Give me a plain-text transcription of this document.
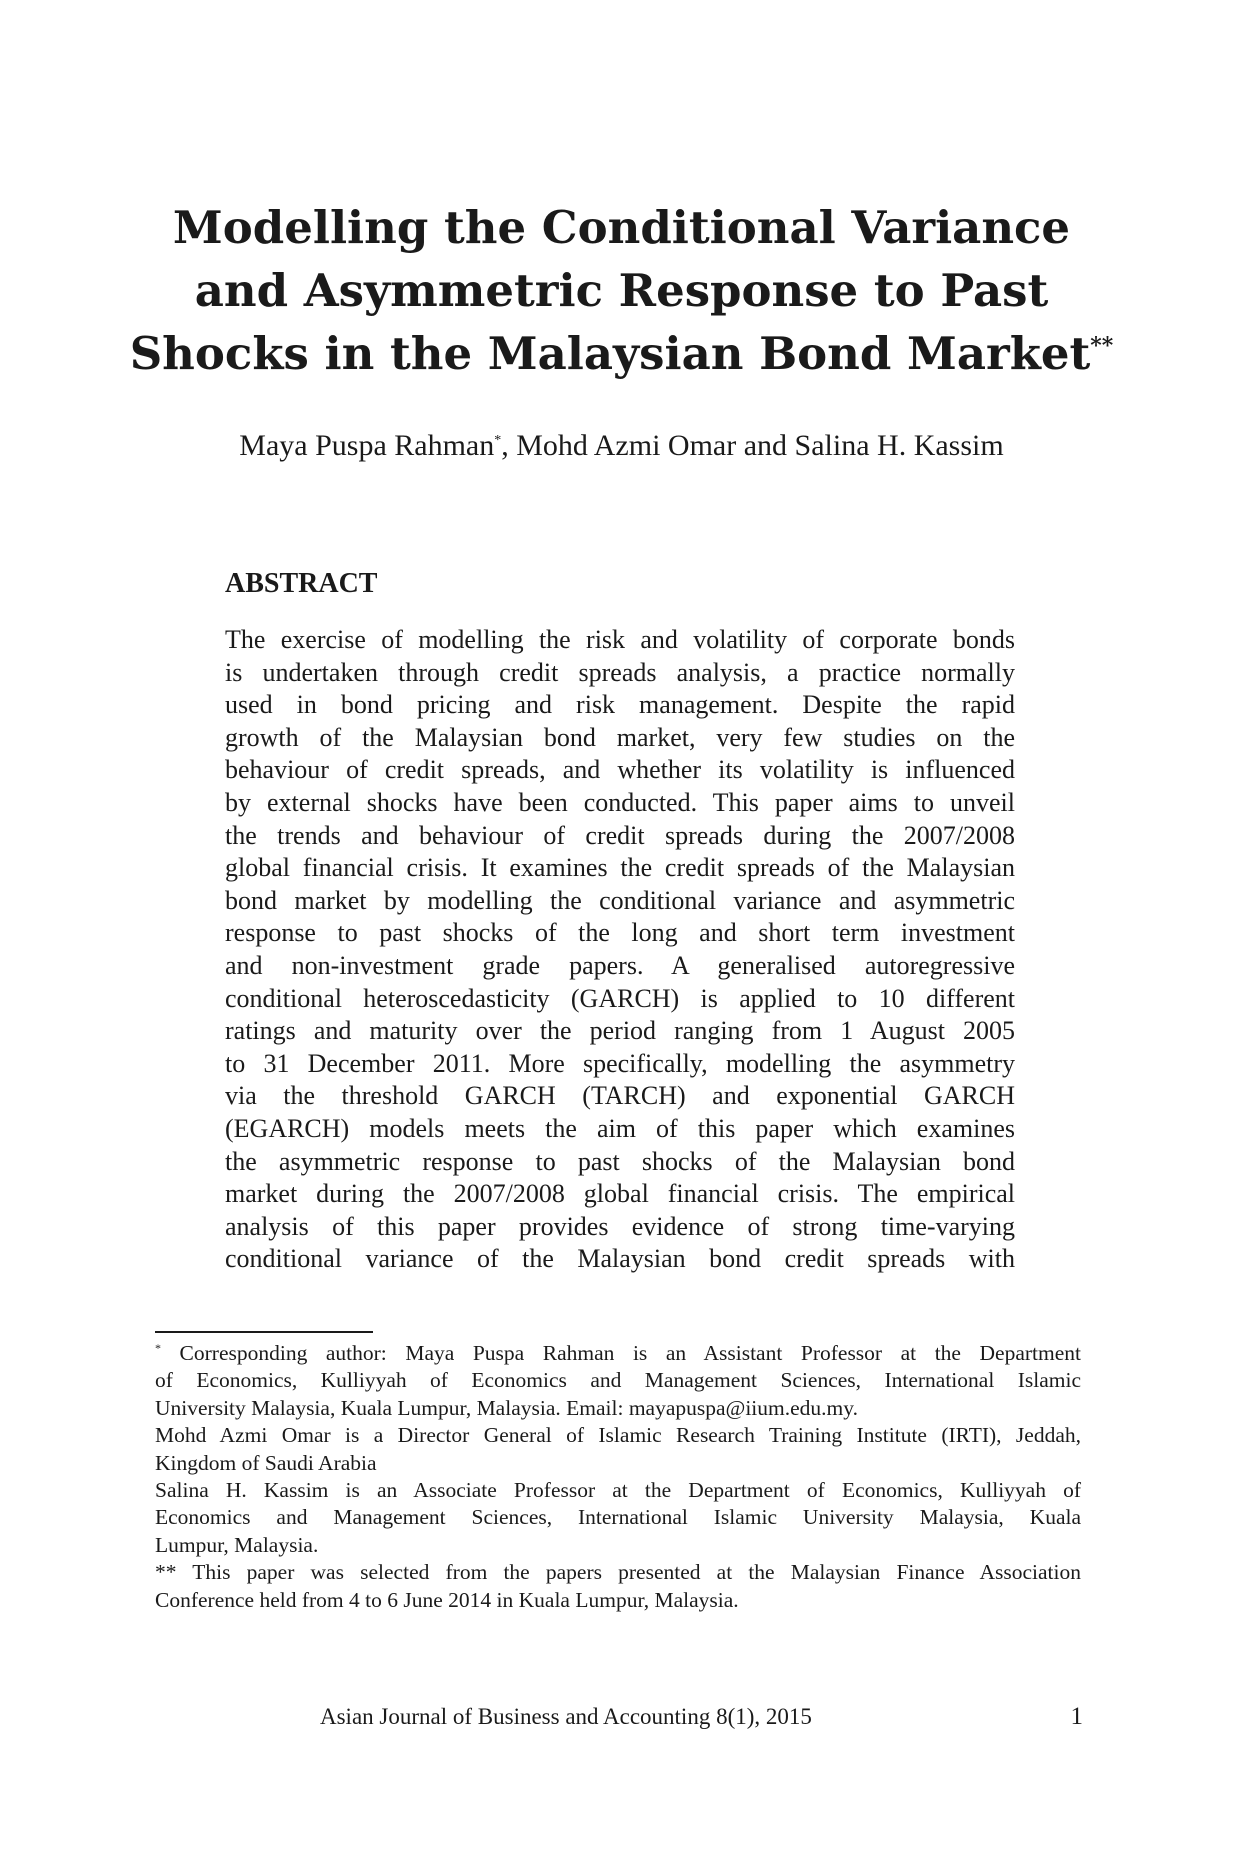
Modelling the Conditional Variance
and Asymmetric Response to Past
Shocks in the Malaysian Bond Market**
Maya Puspa Rahman*, Mohd Azmi Omar and Salina H. Kassim
ABSTRACT
The exercise of modelling the risk and volatility of corporate bonds
is undertaken through credit spreads analysis, a practice normally
used in bond pricing and risk management. Despite the rapid
growth of the Malaysian bond market, very few studies on the
behaviour of credit spreads, and whether its volatility is influenced
by external shocks have been conducted. This paper aims to unveil
the trends and behaviour of credit spreads during the 2007/2008
global financial crisis. It examines the credit spreads of the Malaysian
bond market by modelling the conditional variance and asymmetric
response to past shocks of the long and short term investment
and non-investment grade papers. A generalised autoregressive
conditional heteroscedasticity (GARCH) is applied to 10 different
ratings and maturity over the period ranging from 1 August 2005
to 31 December 2011. More specifically, modelling the asymmetry
via the threshold GARCH (TARCH) and exponential GARCH
(EGARCH) models meets the aim of this paper which examines
the asymmetric response to past shocks of the Malaysian bond
market during the 2007/2008 global financial crisis. The empirical
analysis of this paper provides evidence of strong time-varying
conditional variance of the Malaysian bond credit spreads with
* Corresponding author: Maya Puspa Rahman is an Assistant Professor at the Department
of Economics, Kulliyyah of Economics and Management Sciences, International Islamic
University Malaysia, Kuala Lumpur, Malaysia. Email: mayapuspa@iium.edu.my.
Mohd Azmi Omar is a Director General of Islamic Research Training Institute (IRTI), Jeddah,
Kingdom of Saudi Arabia
Salina H. Kassim is an Associate Professor at the Department of Economics, Kulliyyah of
Economics and Management Sciences, International Islamic University Malaysia, Kuala
Lumpur, Malaysia.
** This paper was selected from the papers presented at the Malaysian Finance Association
Conference held from 4 to 6 June 2014 in Kuala Lumpur, Malaysia.
Asian Journal of Business and Accounting 8(1), 2015	1
